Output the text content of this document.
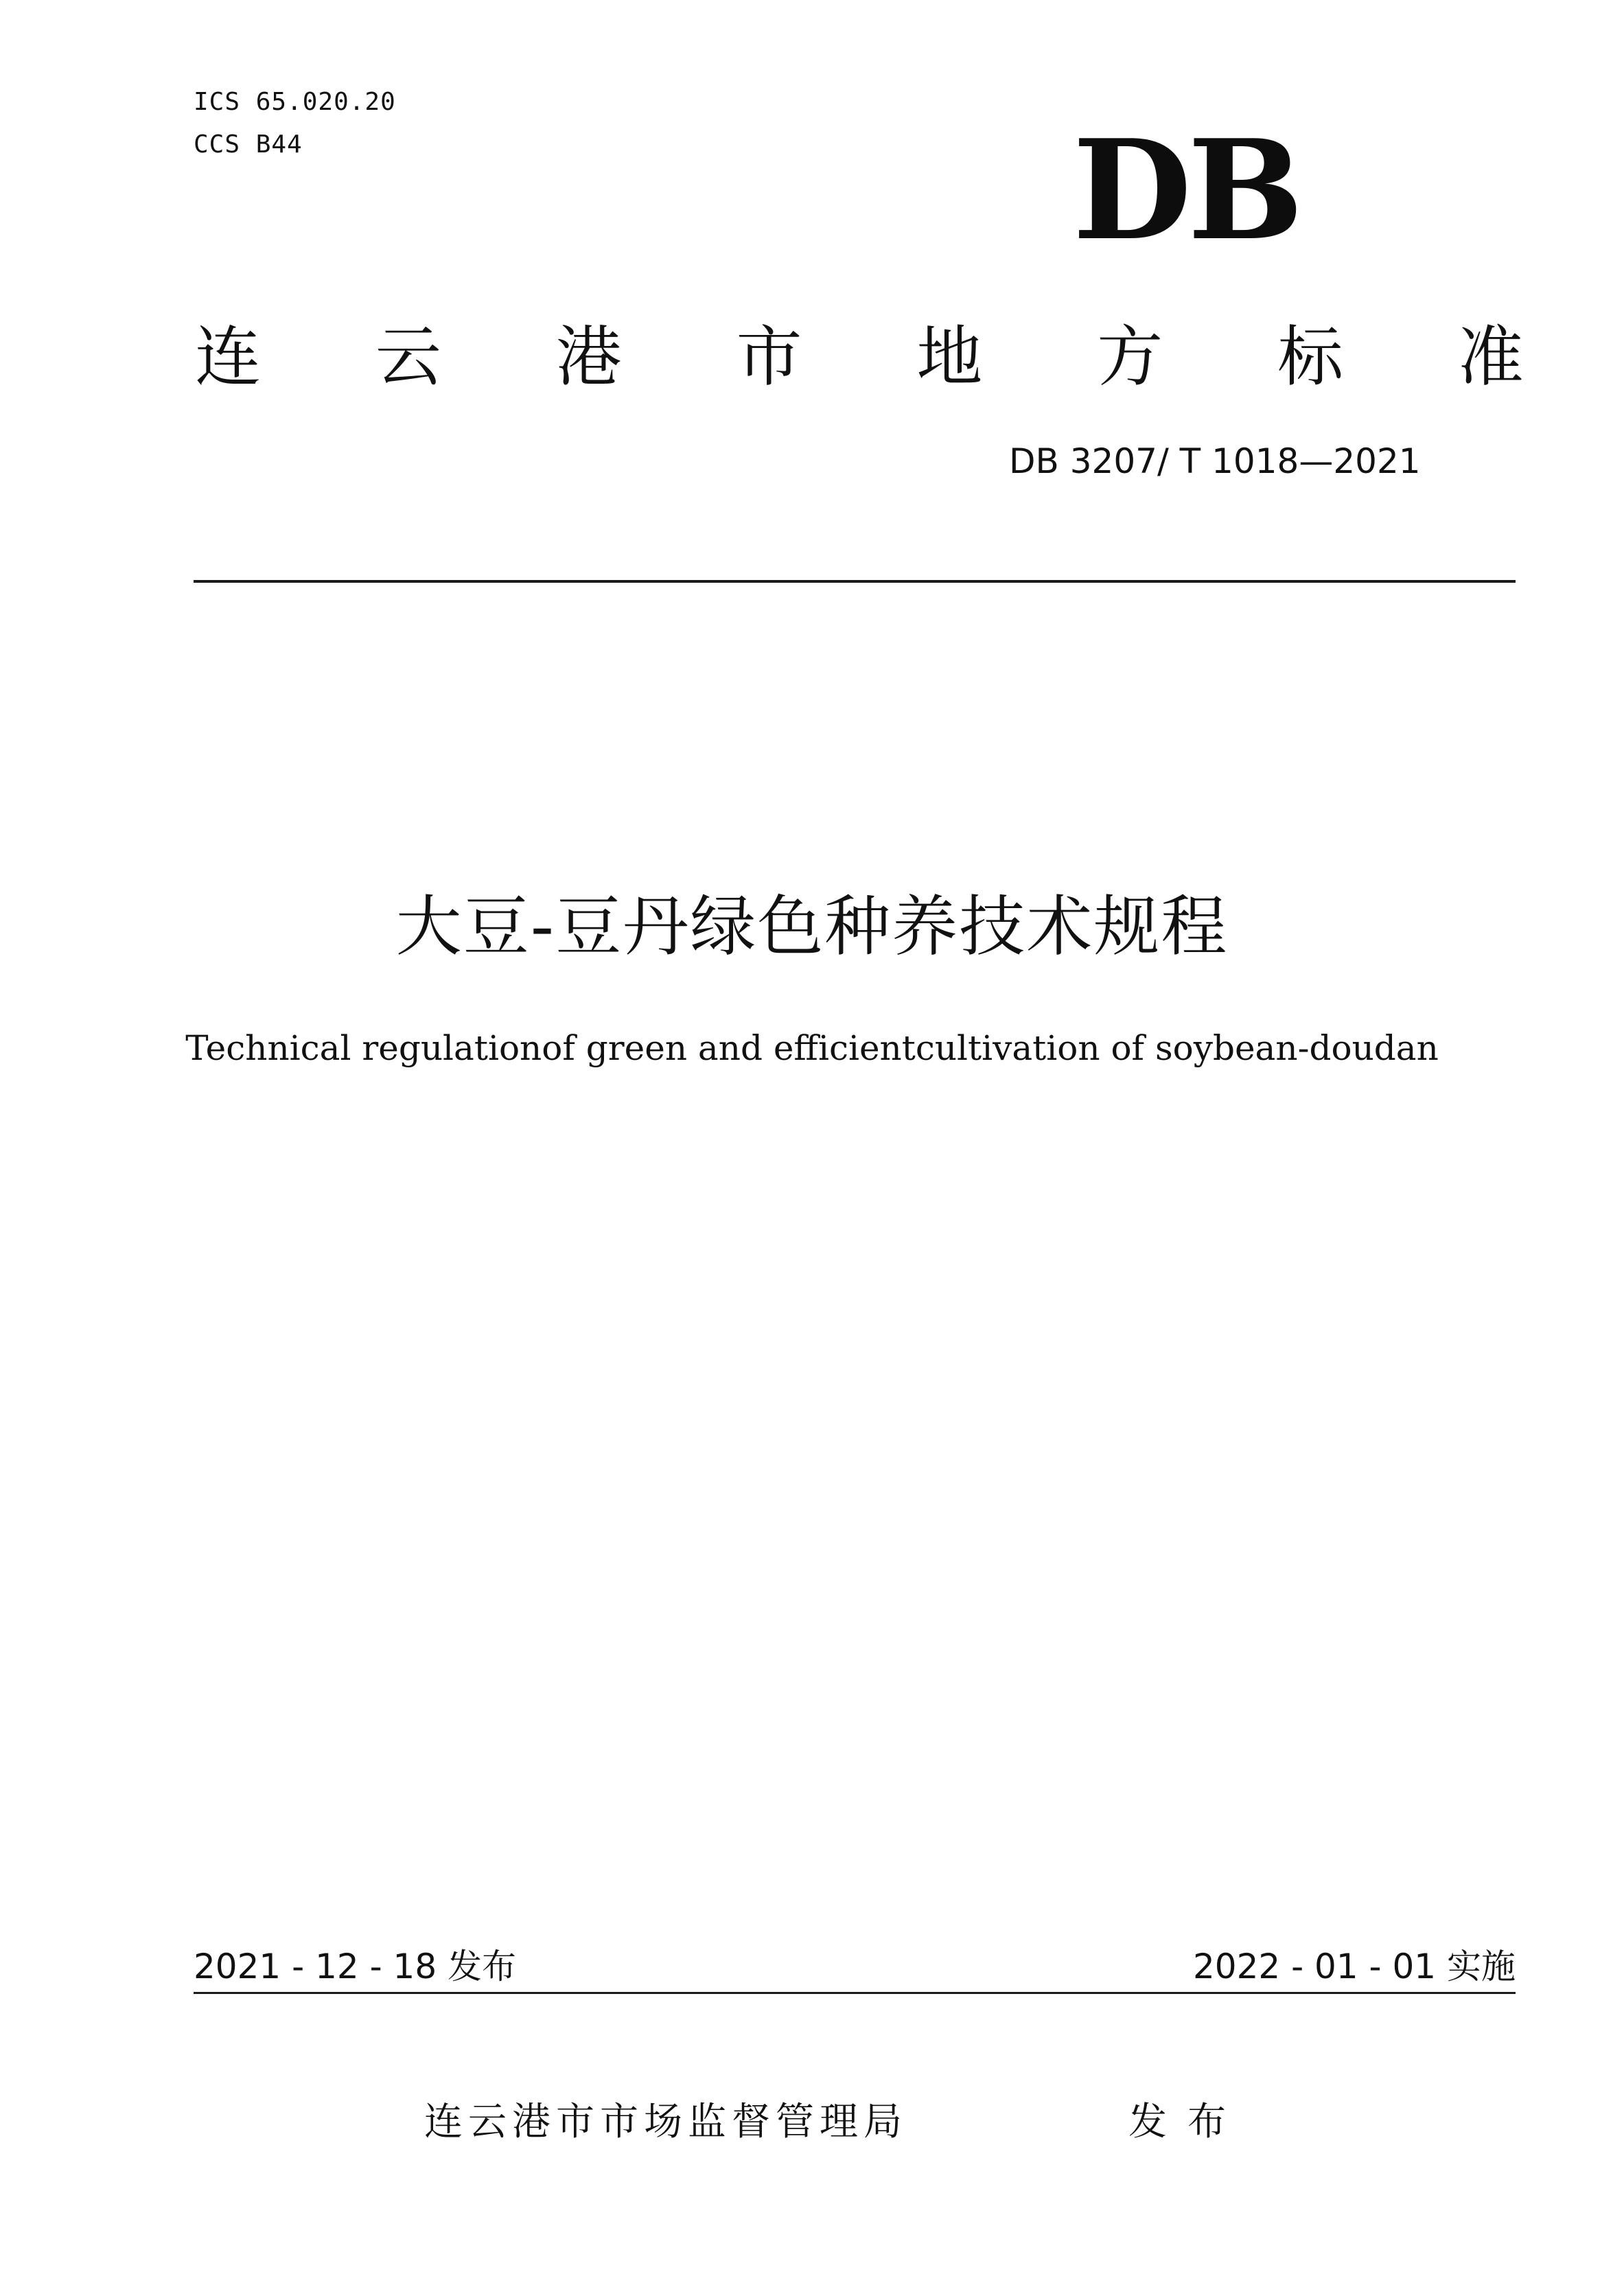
ICS 65.020.20
CCS B44	DB
连 云 港 市 地 方 标 准
DB 3207/ T 1018—2021
大豆-豆丹绿色种养技术规程
Technical regulationof green and efficientcultivation of soybean-doudan
2021 - 12 - 18 发布	2022 - 01 - 01 实施
连云港市市场监督管理局	发布
